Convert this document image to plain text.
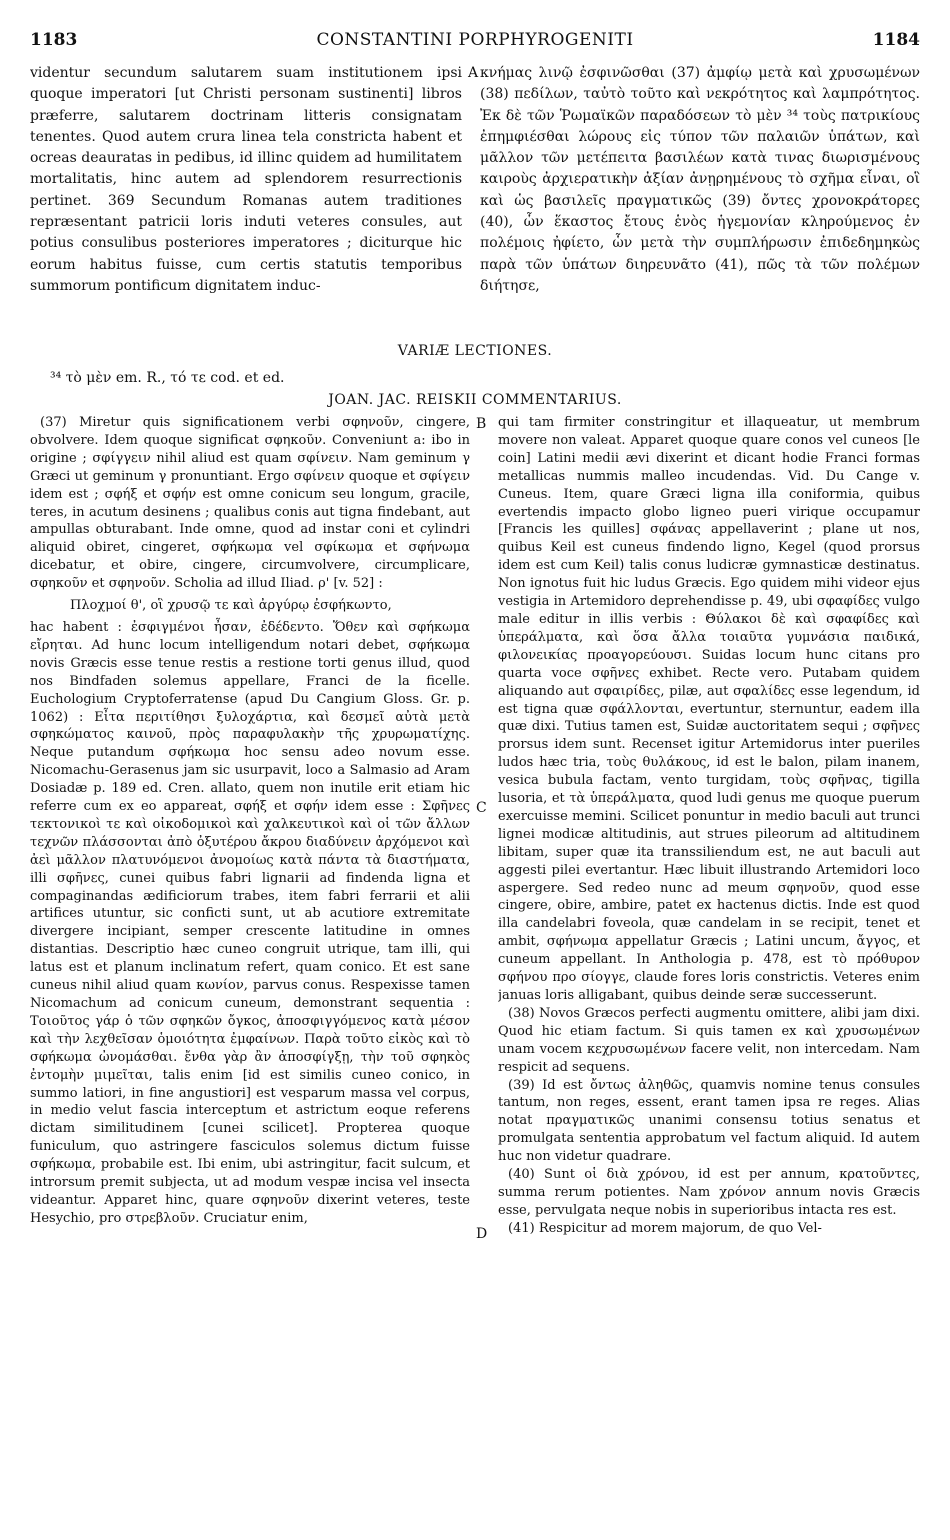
1183	CONSTANTINI PORPHYROGENITI	1184
videntur secundum salutarem suam institutionem ipsi quoque imperatori [ut Christi personam sustinenti] libros præferre, salutarem doctrinam litteris consignatam tenentes. Quod autem crura linea tela constricta habent et ocreas deauratas in pedibus, id illinc quidem ad humilitatem mortalitatis, hinc autem ad splendorem resurrectionis pertinet. 369 Secundum Romanas autem traditiones repræsentant patricii loris induti veteres consules, aut potius consulibus posteriores imperatores ; diciturque hic eorum habitus fuisse, cum certis statutis temporibus summorum pontificum dignitatem induc-
A κνήμας λινῷ ἐσφινῶσθαι (37) ἀμφίῳ μετὰ καὶ χρυσωμένων (38) πεδίλων, ταὐτὸ τοῦτο καὶ νεκρότητος καὶ λαμπρότητος. Ἐκ δὲ τῶν Ῥωμαϊκῶν παραδόσεων τὸ μὲν ³⁴ τοὺς πατρικίους ἐπημφιέσθαι λώρους εἰς τύπον τῶν παλαιῶν ὑπάτων, καὶ μᾶλλον τῶν μετέπειτα βασιλέων κατὰ τινας διωρισμένους καιροὺς ἀρχιερατικὴν ἀξίαν ἀνῃρημένους τὸ σχῆμα εἶναι, οἳ καὶ ὡς βασιλεῖς πραγματικῶς (39) ὄντες χρονοκράτορες (40), ὧν ἕκαστος ἔτους ἑνὸς ἡγεμονίαν κληρούμενος ἐν πολέμοις ἠφίετο, ὧν μετὰ τὴν συμπλήρωσιν ἐπιδεδημηκὼς παρὰ τῶν ὑπάτων διηρευνᾶτο (41), πῶς τὰ τῶν πολέμων διήτησε,
VARIÆ LECTIONES.
³⁴ τὸ μὲν em. R., τό τε cod. et ed.
JOAN. JAC. REISKII COMMENTARIUS.
(37) Miretur quis significationem verbi σφηνοῦν, cingere, obvolvere. Idem quoque significat σφηκοῦν. Conveniunt a: ibo in origine ; σφίγγειν nihil aliud est quam σφίνειν. Nam geminum γ Græci ut geminum γ pronuntiant. Ergo σφίνειν quoque et σφίγειν idem est ; σφήξ et σφήν est omne conicum seu longum, gracile, teres, in acutum desinens ; qualibus conis aut tigna findebant, aut ampullas obturabant. Inde omne, quod ad instar coni et cylindri aliquid obiret, cingeret, σφήκωμα vel σφίκωμα et σφήνωμα dicebatur, et obire, cingere, circumvolvere, circumplicare, σφηκοῦν et σφηνοῦν. Scholia ad illud Iliad. ρ' [v. 52] :
Πλοχμοί θ', οἳ χρυσῷ τε καὶ ἀργύρῳ ἐσφήκωντο,
hac habent : ἐσφιγμένοι ἦσαν, ἐδέδεντο. Ὅθεν καὶ σφήκωμα εἴρηται. Ad hunc locum intelligendum notari debet, σφήκωμα novis Græcis esse tenue restis a restione torti genus illud, quod nos Bindfaden solemus appellare, Franci de la ficelle. Euchologium Cryptoferratense (apud Du Cangium Gloss. Gr. p. 1062) : Εἶτα περιτίθησι ξυλοχάρτια, καὶ δεσμεῖ αὐτὰ μετὰ σφηκώματος καινοῦ, πρὸς παραφυλακὴν τῆς χρυρωματίχης. Neque putandum σφήκωμα hoc sensu adeo novum esse. Nicomachu-Gerasenus jam sic usurpavit, loco a Salmasio ad Aram Dosiadæ p. 189 ed. Cren. allato, quem non inutile erit etiam hic referre cum ex eo appareat, σφήξ et σφήν idem esse : Σφῆνες τεκτονικοὶ τε καὶ οἰκοδομικοὶ καὶ χαλκευτικοὶ καὶ οἱ τῶν ἄλλων τεχνῶν πλάσσονται ἀπὸ ὀξυτέρου ἄκρου διαδύνειν ἀρχόμενοι καὶ ἀεὶ μᾶλλον πλατυνόμενοι ἀνομοίως κατὰ πάντα τὰ διαστήματα, illi σφῆνες, cunei quibus fabri lignarii ad findenda ligna et compaginandas ædificiorum trabes, item fabri ferrarii et alii artifices utuntur, sic conficti sunt, ut ab acutiore extremitate divergere incipiant, semper crescente latitudine in omnes distantias. Descriptio hæc cuneo congruit utrique, tam illi, qui latus est et planum inclinatum refert, quam conico. Et est sane cuneus nihil aliud quam κωνίον, parvus conus. Respexisse tamen Nicomachum ad conicum cuneum, demonstrant sequentia : Τοιοῦτος γάρ ὁ τῶν σφηκῶν ὄγκος, ἀποσφιγγόμενος κατὰ μέσον καὶ τὴν λεχθεῖσαν ὁμοιότητα ἐμφαίνων. Παρὰ τοῦτο εἰκὸς καὶ τὸ σφήκωμα ὠνομάσθαι. ἔνθα γὰρ ἂν ἀποσφίγξῃ, τὴν τοῦ σφηκὸς ἐντομὴν μιμεῖται, talis enim [id est similis cuneo conico, in summo latiori, in fine angustiori] est vesparum massa vel corpus, in medio velut fascia interceptum et astrictum eoque referens dictam similitudinem [cunei scilicet]. Propterea quoque funiculum, quo astringere fasciculos solemus dictum fuisse σφήκωμα, probabile est. Ibi enim, ubi astringitur, facit sulcum, et introrsum premit subjecta, ut ad modum vespæ incisa vel insecta videantur. Apparet hinc, quare σφηνοῦν dixerint veteres, teste Hesychio, pro στρεβλοῦν. Cruciatur enim,
B
C
D
qui tam firmiter constringitur et illaqueatur, ut membrum movere non valeat. Apparet quoque quare conos vel cuneos [le coin] Latini medii ævi dixerint et dicant hodie Franci formas metallicas nummis malleo incudendas. Vid. Du Cange v. Cuneus. Item, quare Græci ligna illa coniformia, quibus evertendis impacto globo ligneo pueri virique occupamur [Francis les quilles] σφάνας appellaverint ; plane ut nos, quibus Keil est cuneus findendo ligno, Kegel (quod prorsus idem est cum Keil) talis conus ludicræ gymnasticæ destinatus. Non ignotus fuit hic ludus Græcis. Ego quidem mihi videor ejus vestigia in Artemidoro deprehendisse p. 49, ubi σφαφίδες vulgo male editur in illis verbis : Θύλακοι δὲ καὶ σφαφίδες καὶ ὑπεράλματα, καὶ ὅσα ἄλλα τοιαῦτα γυμνάσια παιδικά, φιλονεικίας προαγορεύουσι. Suidas locum hunc citans pro quarta voce σφῆνες exhibet. Recte vero. Putabam quidem aliquando aut σφαιρίδες, pilæ, aut σφαλίδες esse legendum, id est tigna quæ σφάλλονται, evertuntur, sternuntur, eadem illa quæ dixi. Tutius tamen est, Suidæ auctoritatem sequi ; σφῆνες prorsus idem sunt. Recenset igitur Artemidorus inter pueriles ludos hæc tria, τοὺς θυλάκους, id est le balon, pilam inanem, vesica bubula factam, vento turgidam, τοὺς σφῆνας, tigilla lusoria, et τὰ ὑπεράλματα, quod ludi genus me quoque puerum exercuisse memini. Scilicet ponuntur in medio baculi aut trunci lignei modicæ altitudinis, aut strues pileorum ad altitudinem libitam, super quæ ita transsiliendum est, ne aut baculi aut aggesti pilei evertantur. Hæc libuit illustrando Artemidori loco aspergere. Sed redeo nunc ad meum σφηνοῦν, quod esse cingere, obire, ambire, patet ex hactenus dictis. Inde est quod illa candelabri foveola, quæ candelam in se recipit, tenet et ambit, σφήνωμα appellatur Græcis ; Latini uncum, ἄγγος, et cuneum appellant. In Anthologia p. 478, est τὸ πρόθυρον σφήνου προ σίογγε, claude fores loris constrictis. Veteres enim januas loris alligabant, quibus deinde seræ successerunt.
(38) Novos Græcos perfecti augmentu omittere, alibi jam dixi. Quod hic etiam factum. Si quis tamen ex καὶ χρυσωμένων unam vocem κεχρυσωμένων facere velit, non intercedam. Nam respicit ad sequens.
(39) Id est ὄντως ἀληθῶς, quamvis nomine tenus consules tantum, non reges, essent, erant tamen ipsa re reges. Alias notat πραγματικῶς unanimi consensu totius senatus et promulgata sententia approbatum vel factum aliquid. Id autem huc non videtur quadrare.
(40) Sunt οἱ διὰ χρόνου, id est per annum, κρατοῦντες, summa rerum potientes. Nam χρόνον annum novis Græcis esse, pervulgata neque nobis in superioribus intacta res est.
(41) Respicitur ad morem majorum, de quo Vel-
